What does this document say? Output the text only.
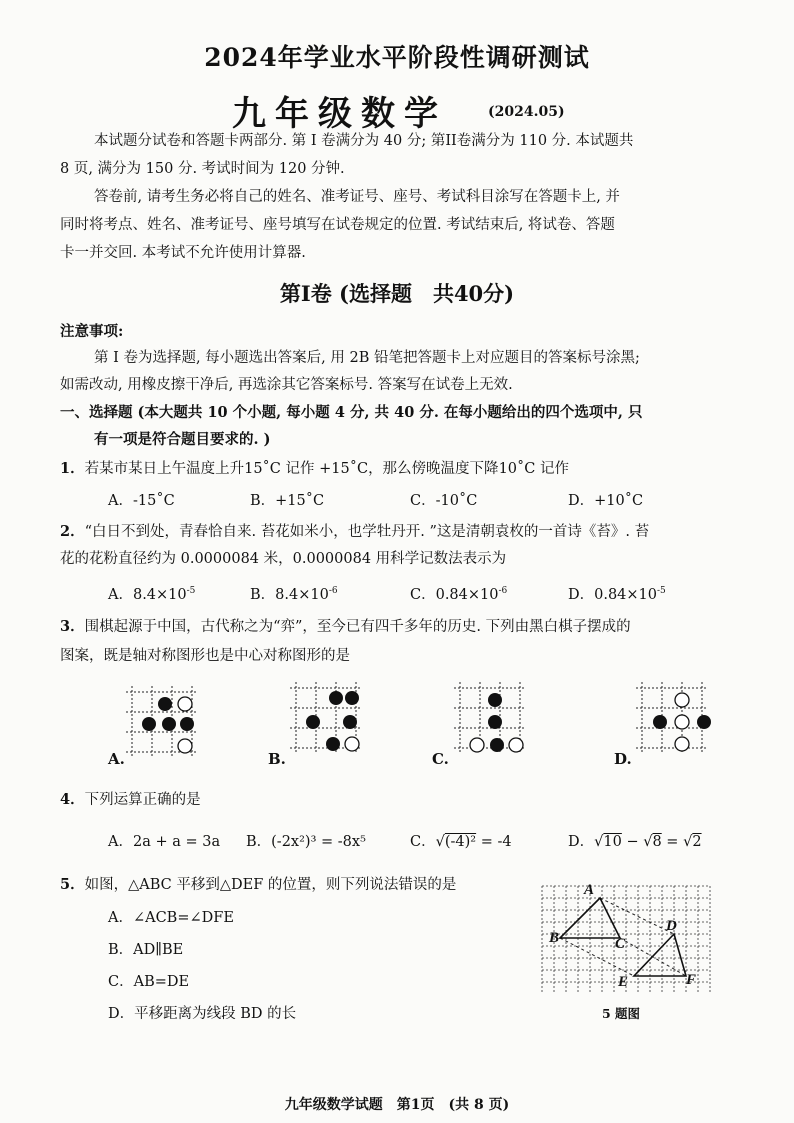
2024年学业水平阶段性调研测试
九年级数学	(2024.05)
本试题分试卷和答题卡两部分. 第 I 卷满分为 40 分; 第II卷满分为 110 分. 本试题共
8 页, 满分为 150 分. 考试时间为 120 分钟.
答卷前, 请考生务必将自己的姓名、准考证号、座号、考试科目涂写在答题卡上, 并
同时将考点、姓名、准考证号、座号填写在试卷规定的位置. 考试结束后, 将试卷、答题
卡一并交回. 本考试不允许使用计算器.
第I卷 (选择题　共40分)
注意事项:
第 I 卷为选择题, 每小题选出答案后, 用 2B 铅笔把答题卡上对应题目的答案标号涂黑;
如需改动, 用橡皮擦干净后, 再选涂其它答案标号. 答案写在试卷上无效.
一、选择题 (本大题共 10 个小题, 每小题 4 分, 共 40 分. 在每小题给出的四个选项中, 只
有一项是符合题目要求的. )
1．若某市某日上午温度上升15˚C 记作 +15˚C，那么傍晚温度下降10˚C 记作
A．-15˚C	B．+15˚C	C．-10˚C	D．+10˚C
2．“白日不到处，青春恰自来. 苔花如米小，也学牡丹开. ”这是清朝袁枚的一首诗《苔》. 苔
花的花粉直径约为 0.0000084 米，0.0000084 用科学记数法表示为
A．$8.4\times 10^{-5}$	B．$8.4\times 10^{-6}$	C．$0.84\times 10^{-6}$	D．$0.84\times 10^{-5}$
3．围棋起源于中国，古代称之为“弈”，至今已有四千多年的历史. 下列由黑白棋子摆成的
图案，既是轴对称图形也是中心对称图形的是
A.	B.	C.	D.
4．下列运算正确的是
A．2a + a = 3a B．(-2x²)³ = -8x⁵	C．√(-4)² = -4	D．√10 − √8 = √2
5．如图，△ABC 平移到△DEF 的位置，则下列说法错误的是
A．∠ACB=∠DFE
B．AD∥BE
C．AB=DE
D．平移距离为线段 BD 的长
A
B	C
D
E	F
5 题图
九年级数学试题　第1页　(共 8 页)
